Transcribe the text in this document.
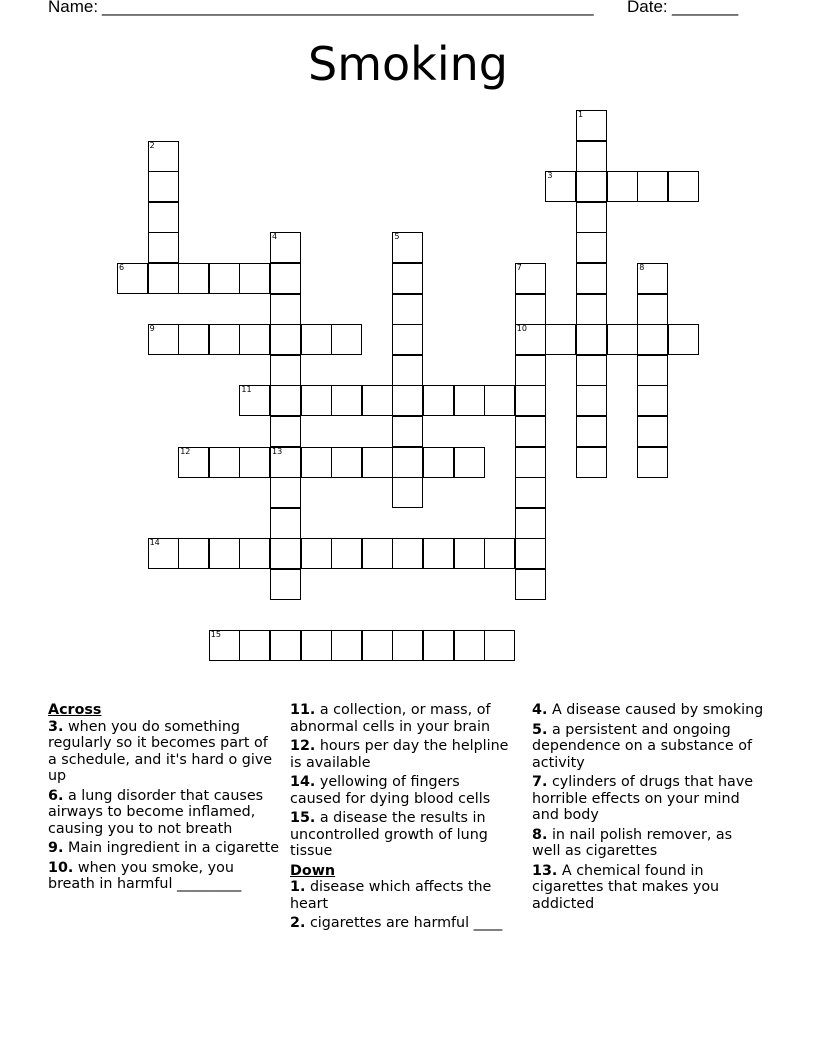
Name: ____________________________________________________ Date: _______
Smoking
1
2
4
13
5
7
10
8
3
6
9
11
12
14
15
Across
3. when you do something regularly so it becomes part of a schedule, and it's hard o give up
6. a lung disorder that causes airways to become inflamed, causing you to not breath
9. Main ingredient in a cigarette
10. when you smoke, you breath in harmful _________
11. a collection, or mass, of abnormal cells in your brain
12. hours per day the helpline is available
14. yellowing of fingers caused for dying blood cells
15. a disease the results in uncontrolled growth of lung tissue
Down
1. disease which affects the heart
2. cigarettes are harmful ____
4. A disease caused by smoking
5. a persistent and ongoing dependence on a substance of activity
7. cylinders of drugs that have horrible effects on your mind and body
8. in nail polish remover, as well as cigarettes
13. A chemical found in cigarettes that makes you addicted
